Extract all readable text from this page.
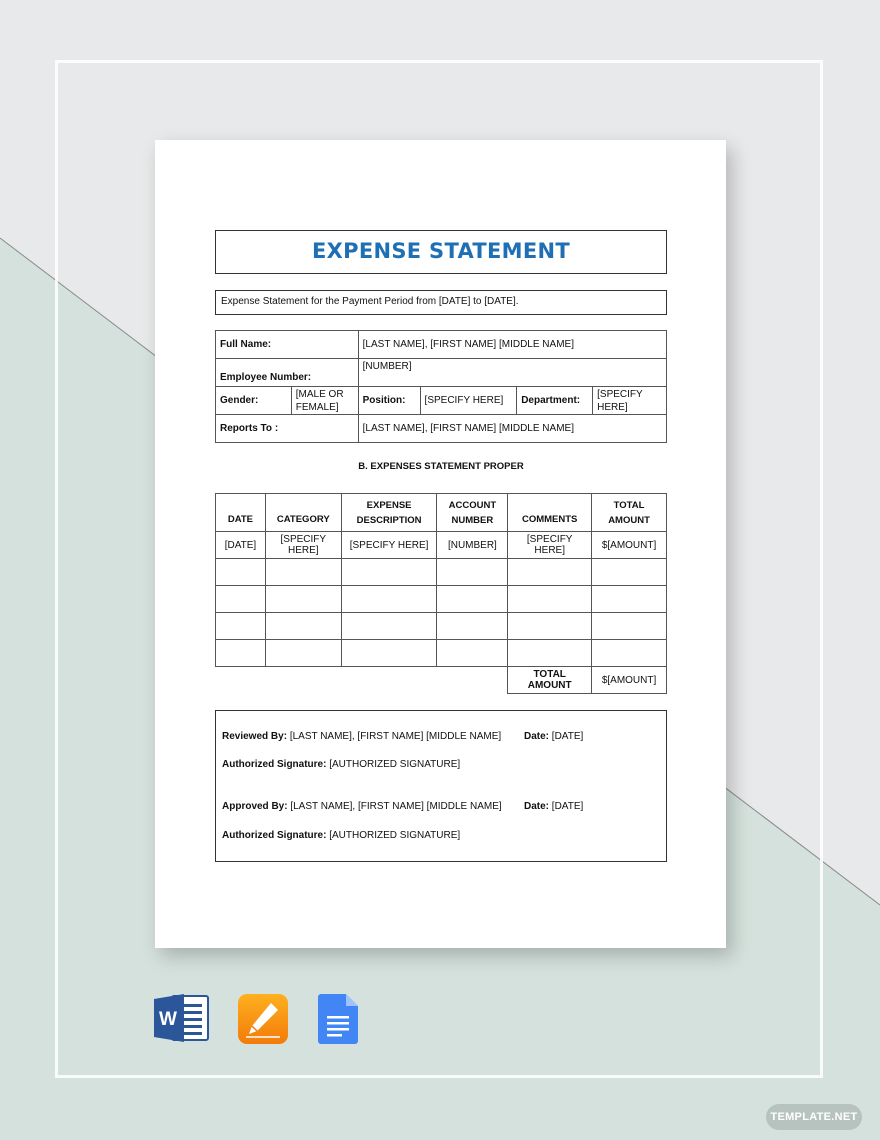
EXPENSE STATEMENT
Expense Statement for the Payment Period from [DATE] to [DATE].
Full Name:		[LAST NAME], [FIRST NAME] [MIDDLE NAME]			
Employee Number:		[NUMBER]			
Gender:	[MALE OR FEMALE]	Position:	[SPECIFY HERE]	Department:	[SPECIFY HERE]
Reports To :		[LAST NAME], [FIRST NAME] [MIDDLE NAME]			
B. EXPENSES STATEMENT PROPER
DATE	CATEGORY	EXPENSE DESCRIPTION	ACCOUNT NUMBER	COMMENTS	TOTAL AMOUNT
[DATE]	[SPECIFY HERE]	[SPECIFY HERE]	[NUMBER]	[SPECIFY HERE]	$[AMOUNT]

				TOTAL AMOUNT	$[AMOUNT]
Reviewed By: [LAST NAME], [FIRST NAME] [MIDDLE NAME] Date: [DATE]
Authorized Signature: [AUTHORIZED SIGNATURE]
Approved By: [LAST NAME], [FIRST NAME] [MIDDLE NAME] Date: [DATE]
Authorized Signature: [AUTHORIZED SIGNATURE]
W
TEMPLATE.NET
